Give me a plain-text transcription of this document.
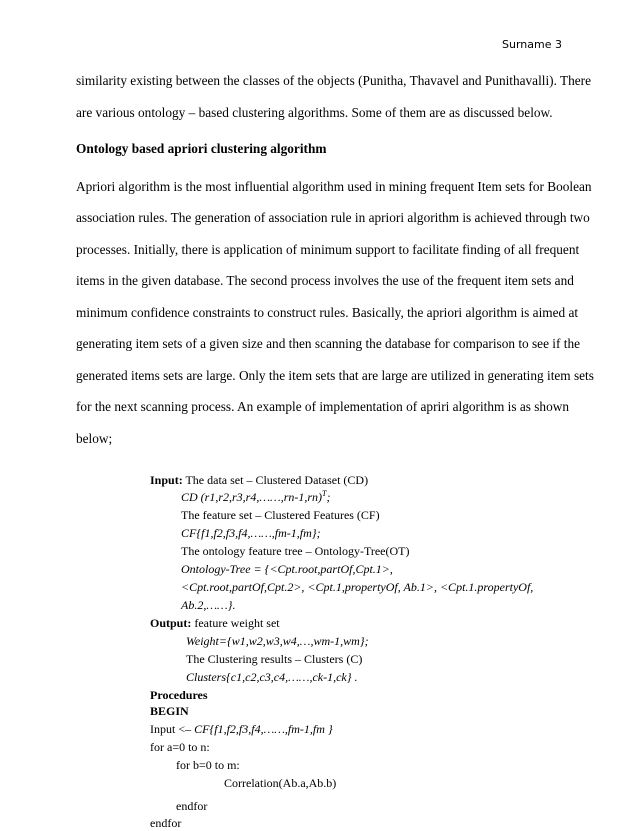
Surname 3
similarity existing between the classes of the objects (Punitha, Thavavel and Punithavalli). There
are various ontology – based clustering algorithms. Some of them are as discussed below.
Ontology based apriori clustering algorithm
Apriori algorithm is the most influential algorithm used in mining frequent Item sets for Boolean
association rules. The generation of association rule in apriori algorithm is achieved through two
processes. Initially, there is application of minimum support to facilitate finding of all frequent
items in the given database. The second process involves the use of the frequent item sets and
minimum confidence constraints to construct rules. Basically, the apriori algorithm is aimed at
generating item sets of a given size and then scanning the database for comparison to see if the
generated items sets are large. Only the item sets that are large are utilized in generating item sets
for the next scanning process. An example of implementation of apriri algorithm is as shown
below;
Input: The data set – Clustered Dataset (CD)
CD (r1,r2,r3,r4,……,rn-1,rn)$^T$;
The feature set – Clustered Features (CF)
CF{f1,f2,f3,f4,……,fm-1,fm};
The ontology feature tree – Ontology-Tree(OT)
Ontology-Tree = {<Cpt.root,partOf,Cpt.1>,
<Cpt.root,partOf,Cpt.2>, <Cpt.1,propertyOf, Ab.1>, <Cpt.1.propertyOf,
Ab.2,……}.
Output: feature weight set
Weight={w1,w2,w3,w4,…,wm-1,wm};
The Clustering results – Clusters (C)
Clusters{c1,c2,c3,c4,……,ck-1,ck} .
Procedures
BEGIN
Input <– CF{f1,f2,f3,f4,……,fm-1,fm }
for a=0 to n:
for b=0 to m:
Correlation(Ab.a,Ab.b)
endfor
endfor
